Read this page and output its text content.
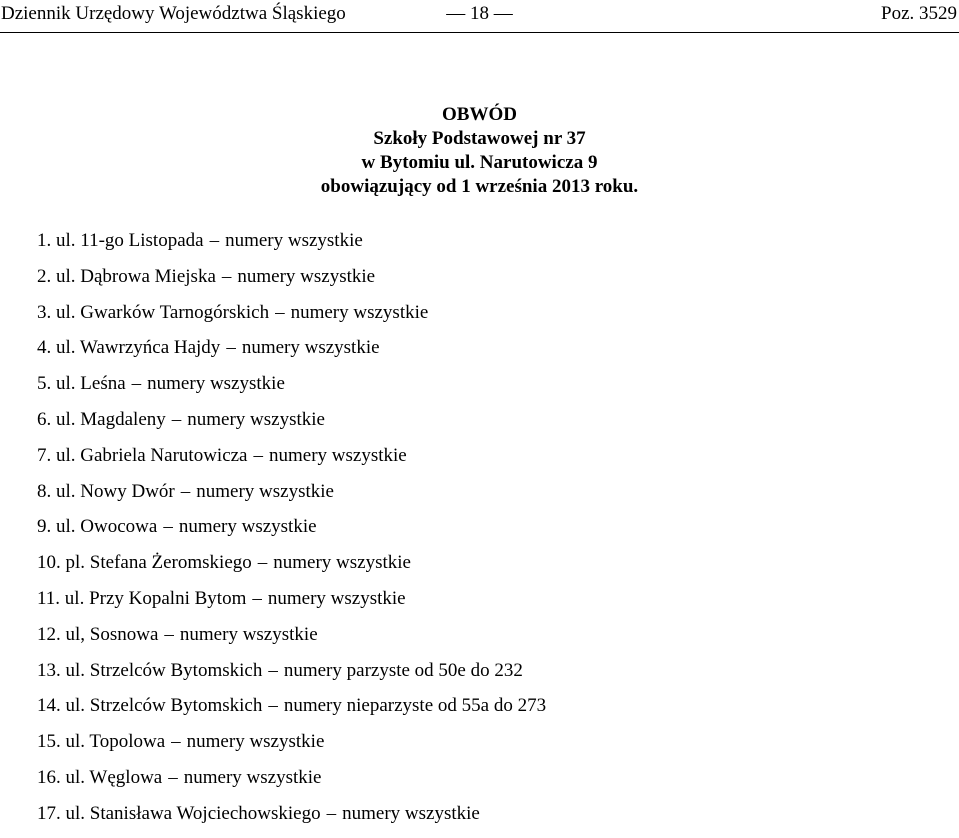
Dziennik Urzędowy Województwa Śląskiego	— 18 —	Poz. 3529
OBWÓD
Szkoły Podstawowej nr 37
w Bytomiu ul. Narutowicza 9
obowiązujący od 1 września 2013 roku.
1. ul. 11-go Listopada – numery wszystkie
2. ul. Dąbrowa Miejska – numery wszystkie
3. ul. Gwarków Tarnogórskich – numery wszystkie
4. ul. Wawrzyńca Hajdy – numery wszystkie
5. ul. Leśna – numery wszystkie
6. ul. Magdaleny – numery wszystkie
7. ul. Gabriela Narutowicza – numery wszystkie
8. ul. Nowy Dwór – numery wszystkie
9. ul. Owocowa – numery wszystkie
10. pl. Stefana Żeromskiego – numery wszystkie
11. ul. Przy Kopalni Bytom – numery wszystkie
12. ul, Sosnowa – numery wszystkie
13. ul. Strzelców Bytomskich – numery parzyste od 50e do 232
14. ul. Strzelców Bytomskich – numery nieparzyste od 55a do 273
15. ul. Topolowa – numery wszystkie
16. ul. Węglowa – numery wszystkie
17. ul. Stanisława Wojciechowskiego – numery wszystkie
